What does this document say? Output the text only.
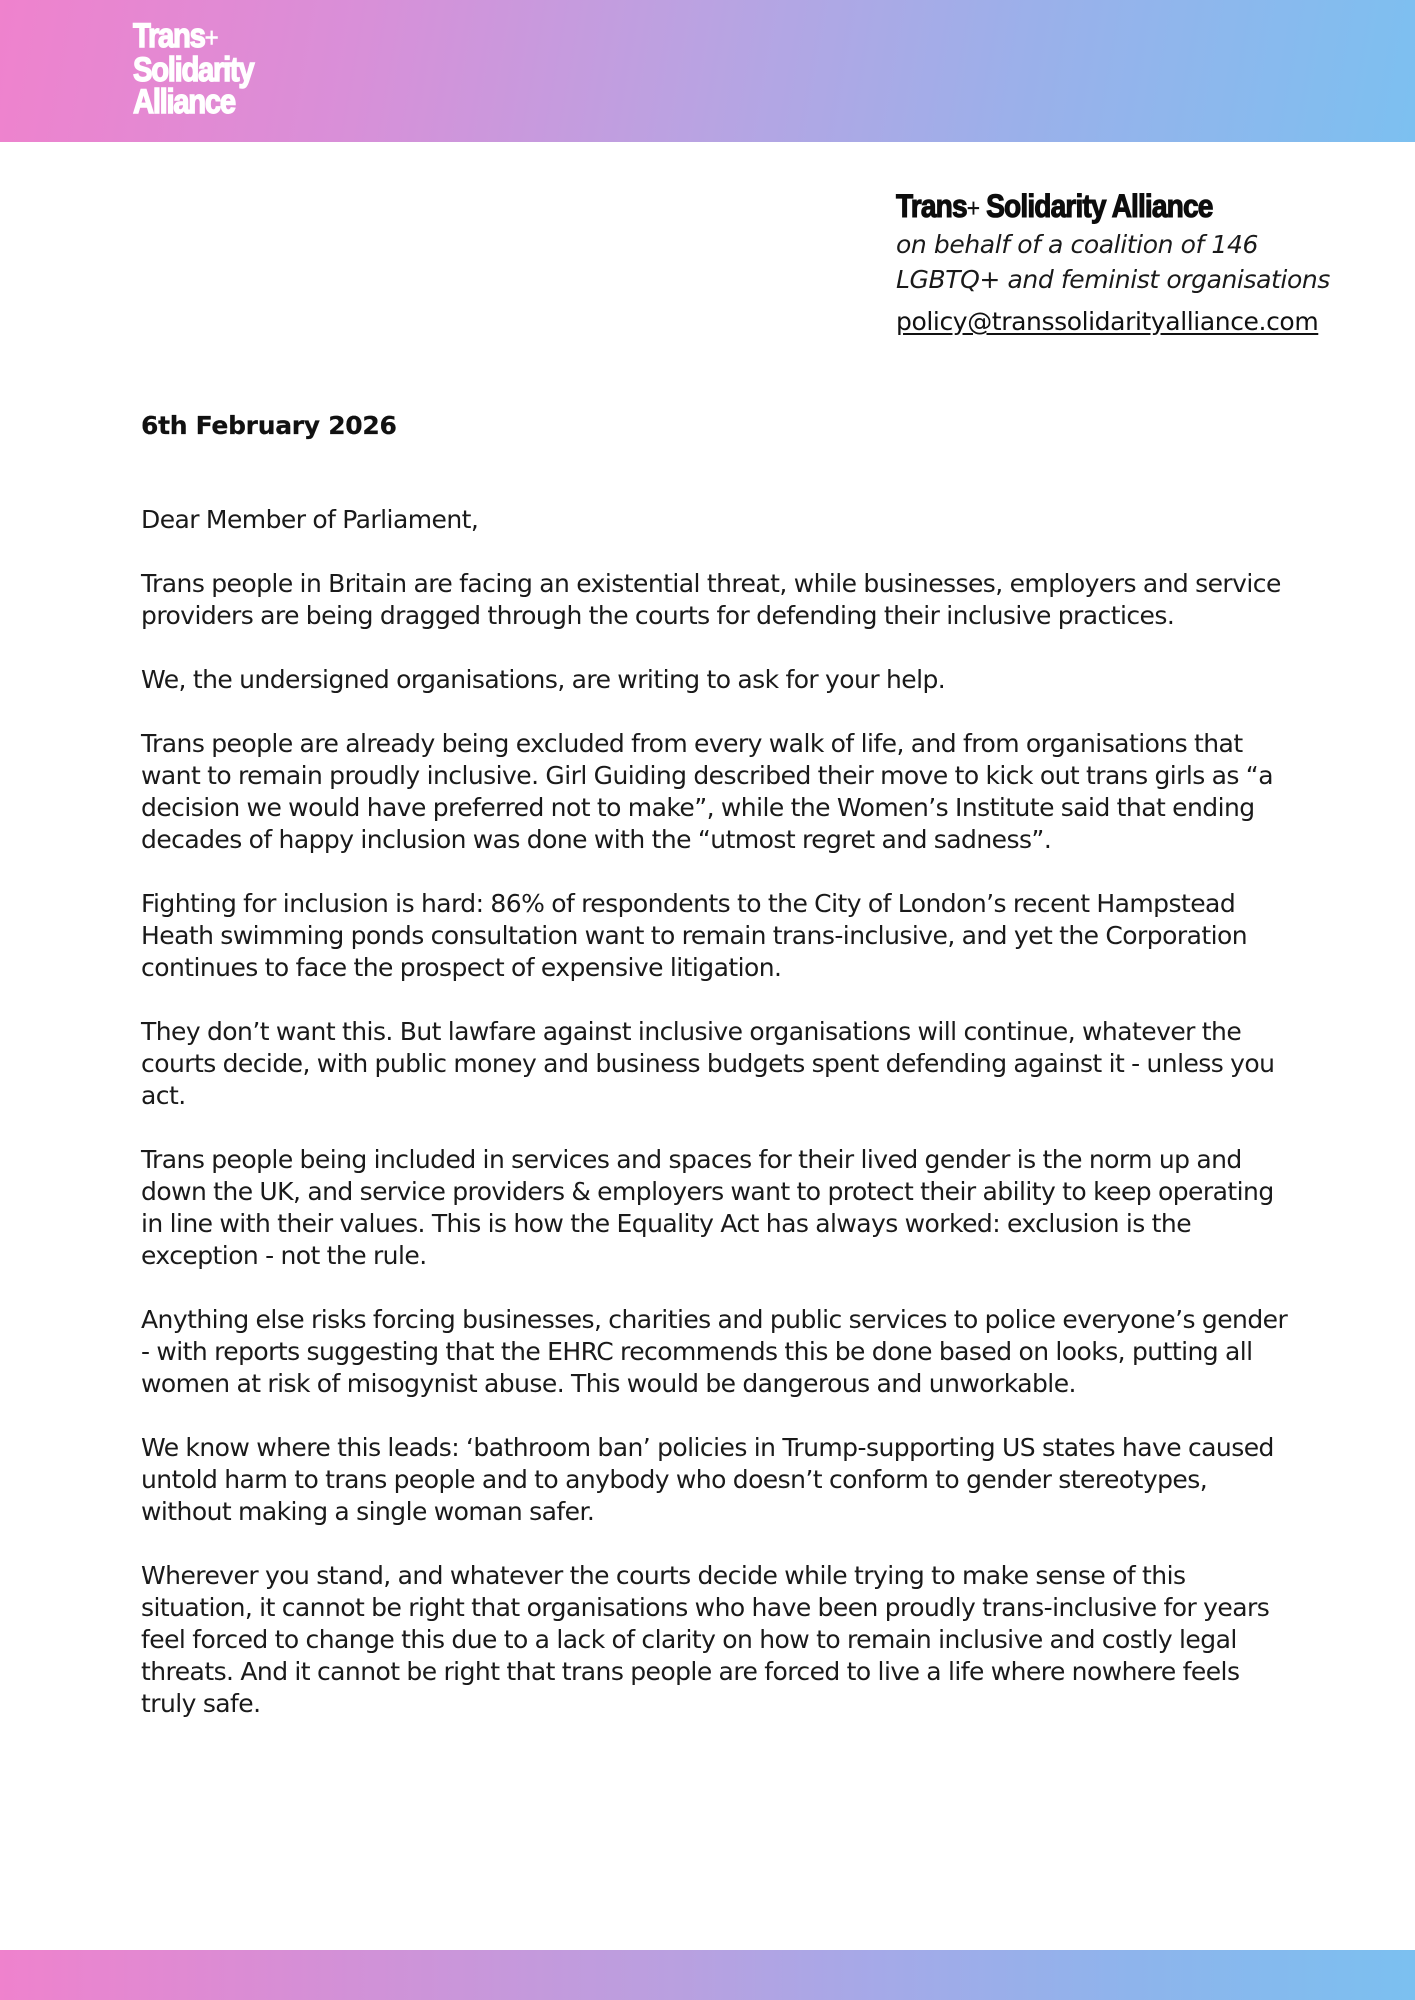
Trans+
Solidarity
Alliance
Trans+ Solidarity Alliance
on behalf of a coalition of 146
LGBTQ+ and feminist organisations
policy@transsolidarityalliance.com
6th February 2026
Dear Member of Parliament,
Trans people in Britain are facing an existential threat, while businesses, employers and service providers are being dragged through the courts for defending their inclusive practices.
We, the undersigned organisations, are writing to ask for your help.
Trans people are already being excluded from every walk of life, and from organisations that want to remain proudly inclusive. Girl Guiding described their move to kick out trans girls as “a decision we would have preferred not to make”, while the Women’s Institute said that ending decades of happy inclusion was done with the “utmost regret and sadness”.
Fighting for inclusion is hard: 86% of respondents to the City of London’s recent Hampstead Heath swimming ponds consultation want to remain trans-inclusive, and yet the Corporation continues to face the prospect of expensive litigation.
They don’t want this. But lawfare against inclusive organisations will continue, whatever the courts decide, with public money and business budgets spent defending against it - unless you act.
Trans people being included in services and spaces for their lived gender is the norm up and down the UK, and service providers & employers want to protect their ability to keep operating in line with their values. This is how the Equality Act has always worked: exclusion is the exception - not the rule.
Anything else risks forcing businesses, charities and public services to police everyone’s gender - with reports suggesting that the EHRC recommends this be done based on looks, putting all women at risk of misogynist abuse. This would be dangerous and unworkable.
We know where this leads: ‘bathroom ban’ policies in Trump-supporting US states have caused untold harm to trans people and to anybody who doesn’t conform to gender stereotypes, without making a single woman safer.
Wherever you stand, and whatever the courts decide while trying to make sense of this situation, it cannot be right that organisations who have been proudly trans-inclusive for years feel forced to change this due to a lack of clarity on how to remain inclusive and costly legal threats. And it cannot be right that trans people are forced to live a life where nowhere feels truly safe.
